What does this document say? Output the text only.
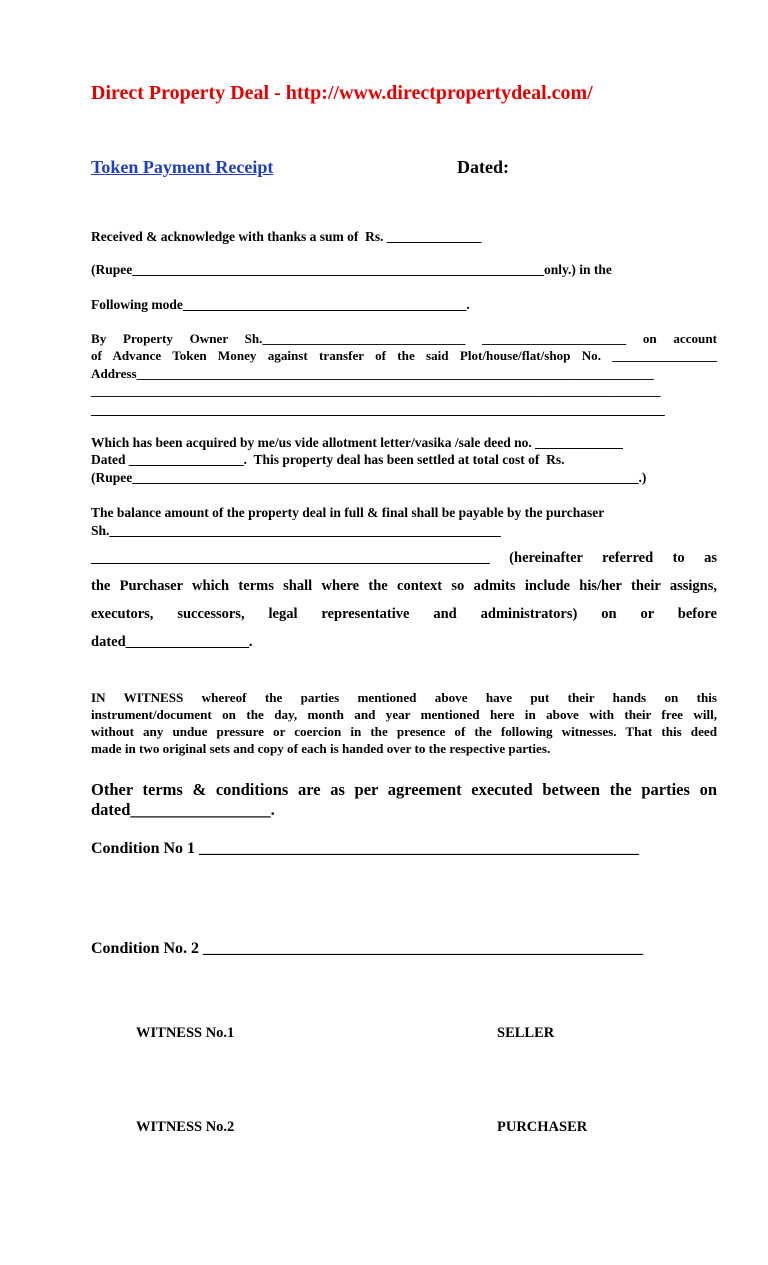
Direct Property Deal - http://www.directpropertydeal.com/
Token Payment Receipt	Dated:
Received & acknowledge with thanks a sum of  Rs. ______________
(Rupee_____________________________________________________________only.) in the
Following mode__________________________________________.
By Property Owner Sh._______________________________ ______________________ on account
of Advance Token Money against transfer of the said Plot/house/flat/shop No. ________________
Address_______________________________________________________________________________
_______________________________________________________________________________________
_____________________________________________________________________________________
Which has been acquired by me/us vide allotment letter/vasika /sale deed no. _____________
Dated _________________.  This property deal has been settled at total cost of  Rs.
(Rupee___________________________________________________________________________.)
The balance amount of the property deal in full & final shall be payable by the purchaser
Sh.__________________________________________________________
_______________________________________________________ (hereinafter referred to as
the Purchaser which terms shall where the context so admits include his/her their assigns,
executors, successors, legal representative and administrators) on or before
dated_________________.
IN WITNESS whereof the parties mentioned above have put their hands on this
instrument/document on the day, month and year mentioned here in above with their free will,
without any undue pressure or coercion in the presence of the following witnesses. That this deed
made in two original sets and copy of each is handed over to the respective parties.
Other terms & conditions are as per agreement executed between the parties on
dated_________________.
Condition No 1 _______________________________________________________
Condition No. 2 _______________________________________________________
WITNESS No.1	SELLER
WITNESS No.2	PURCHASER
